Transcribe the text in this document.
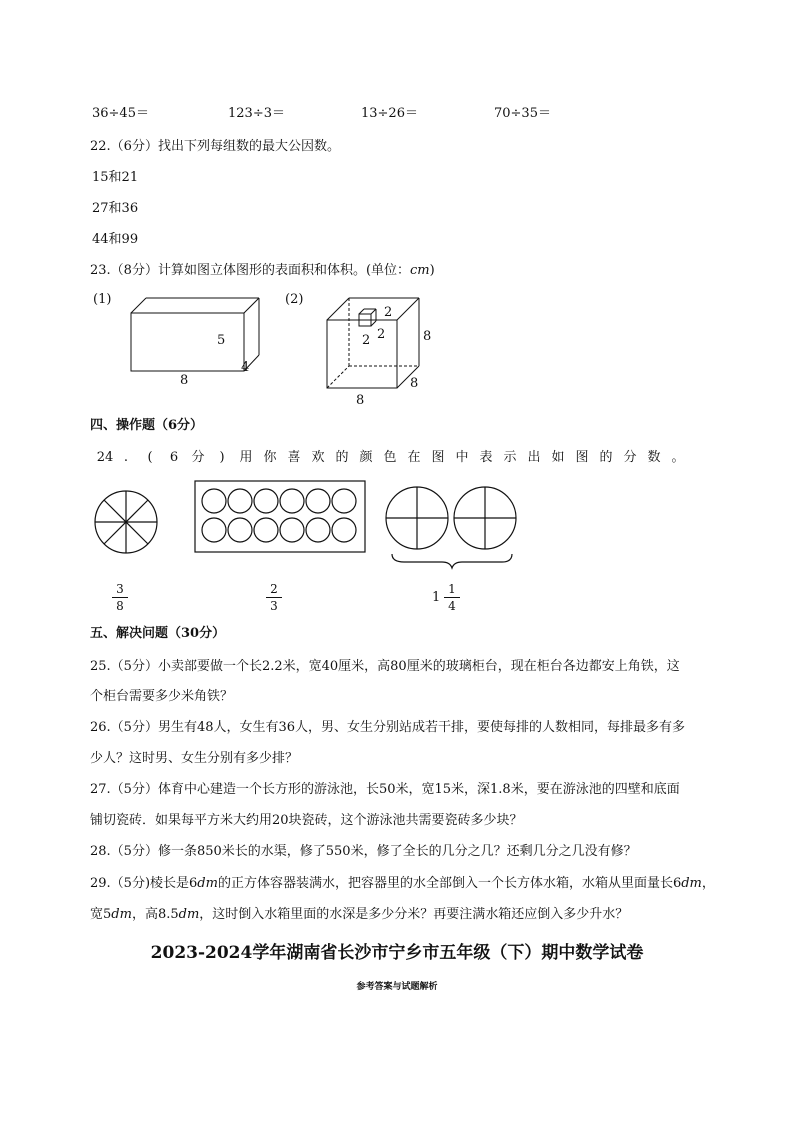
36÷45＝	123÷3＝	13÷26＝	70÷35＝
22.（6分）找出下列每组数的最大公因数。
15和21
27和36
44和99
23.（8分）计算如图立体图形的表面积和体积。(单位：cm)
(1)
5
4
8
(2)
2
2
2	8
8
8
四、操作题（6分）
24 . ( 6 分 ) 用 你 喜 欢 的 颜 色 在 图 中 表 示 出 如 图 的 分 数 。
3
8
2
3
1
1
4
五、解决问题（30分）
25.（5分）小卖部要做一个长2.2米，宽40厘米，高80厘米的玻璃柜台，现在柜台各边都安上角铁，这
个柜台需要多少米角铁？
26.（5分）男生有48人，女生有36人，男、女生分别站成若干排，要使每排的人数相同，每排最多有多
少人？这时男、女生分别有多少排？
27.（5分）体育中心建造一个长方形的游泳池，长50米，宽15米，深1.8米，要在游泳池的四壁和底面
铺切瓷砖．如果每平方米大约用20块瓷砖，这个游泳池共需要瓷砖多少块？
28.（5分）修一条850米长的水渠，修了550米，修了全长的几分之几？还剩几分之几没有修？
29.（5分)棱长是6dm的正方体容器装满水，把容器里的水全部倒入一个长方体水箱，水箱从里面量长6dm，
宽5dm，高8.5dm，这时倒入水箱里面的水深是多少分米？再要注满水箱还应倒入多少升水？
2023-2024学年湖南省长沙市宁乡市五年级（下）期中数学试卷
参考答案与试题解析
